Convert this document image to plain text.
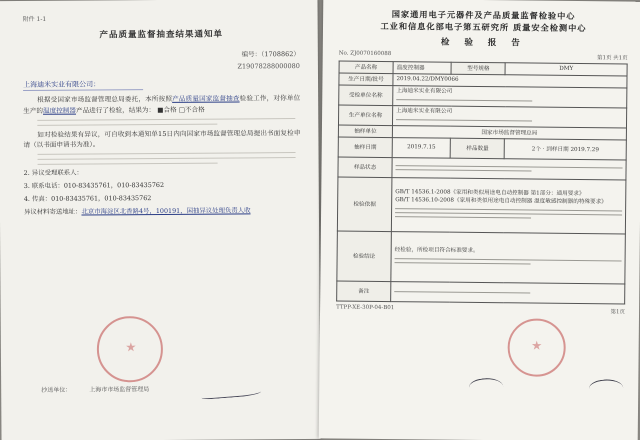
附件 1-1
产品质量监督抽查结果通知单
编号：（1708862）
Z19078288000080
上海迪米实业有限公司：

根据受国家市场监督管理总局委托，本所按照产品质量国家监督抽查检验工作，对你单位生产的温度控制器产品进行了检验，结果为： ■合格 □不合格

如对检验结果有异议，可自收到本通知单15日内向国家市场监督管理总局提出书面复检申请（以书面申请书为准）。

2. 异议受理联系人：

3. 联系电话：010-83435761，010-83435762

4. 传真：010-83435761，010-83435762

异议材料寄送地址：北京市海淀区北香路4号，100191，国抽异议处理负责人收

抄送单位：	上海市市场监督管理局
国家通用电子元器件及产品质量监督检验中心
工业和信息化部电子第五研究所 质量安全检测中心
检 验 报 告
No. ZJ0070160088
第1页 共1页
产品名称	温度控制器	型号规格	DMY
生产日期/批号	2019.04.22/DMY0066		
受检单位名称	上海迪米实业有限公司		

生产单位名称	上海迪米实业有限公司		

抽样单位	国家市场监督管理总局		
抽样日期	2019.7.15	样品数量	2个 · 到样日期 2019.7.29
样品状态			

检验依据	GB/T 14536.1-2008《家用和类似用途电自动控制器 第1部分：通用要求》
GB/T 14536.10-2008《家用和类似用途电自动控制器 温度敏感控制器的特殊要求》		

检验结论	经检验，所检项目符合标准要求。		

备注			
TTPP-XE-30P-04-B01
第1页
